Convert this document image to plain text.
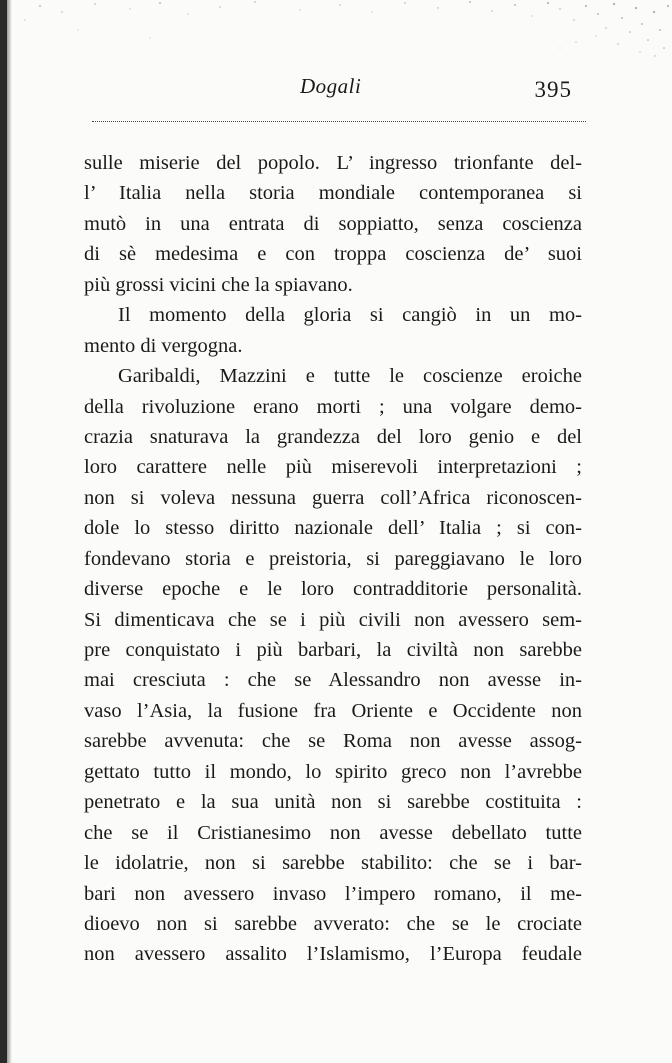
Dogali	395
sulle miserie del popolo. L’ ingresso trionfante del-
l’ Italia nella storia mondiale contemporanea si
mutò in una entrata di soppiatto, senza coscienza
di sè medesima e con troppa coscienza de’ suoi
più grossi vicini che la spiavano.
Il momento della gloria si cangiò in un mo-
mento di vergogna.
Garibaldi, Mazzini e tutte le coscienze eroiche
della rivoluzione erano morti ; una volgare demo-
crazia snaturava la grandezza del loro genio e del
loro carattere nelle più miserevoli interpretazioni ;
non si voleva nessuna guerra coll’Africa riconoscen-
dole lo stesso diritto nazionale dell’ Italia ; si con-
fondevano storia e preistoria, si pareggiavano le loro
diverse epoche e le loro contradditorie personalità.
Si dimenticava che se i più civili non avessero sem-
pre conquistato i più barbari, la civiltà non sarebbe
mai cresciuta : che se Alessandro non avesse in-
vaso l’Asia, la fusione fra Oriente e Occidente non
sarebbe avvenuta: che se Roma non avesse assog-
gettato tutto il mondo, lo spirito greco non l’avrebbe
penetrato e la sua unità non si sarebbe costituita :
che se il Cristianesimo non avesse debellato tutte
le idolatrie, non si sarebbe stabilito: che se i bar-
bari non avessero invaso l’impero romano, il me-
dioevo non si sarebbe avverato: che se le crociate
non avessero assalito l’Islamismo, l’Europa feudale
